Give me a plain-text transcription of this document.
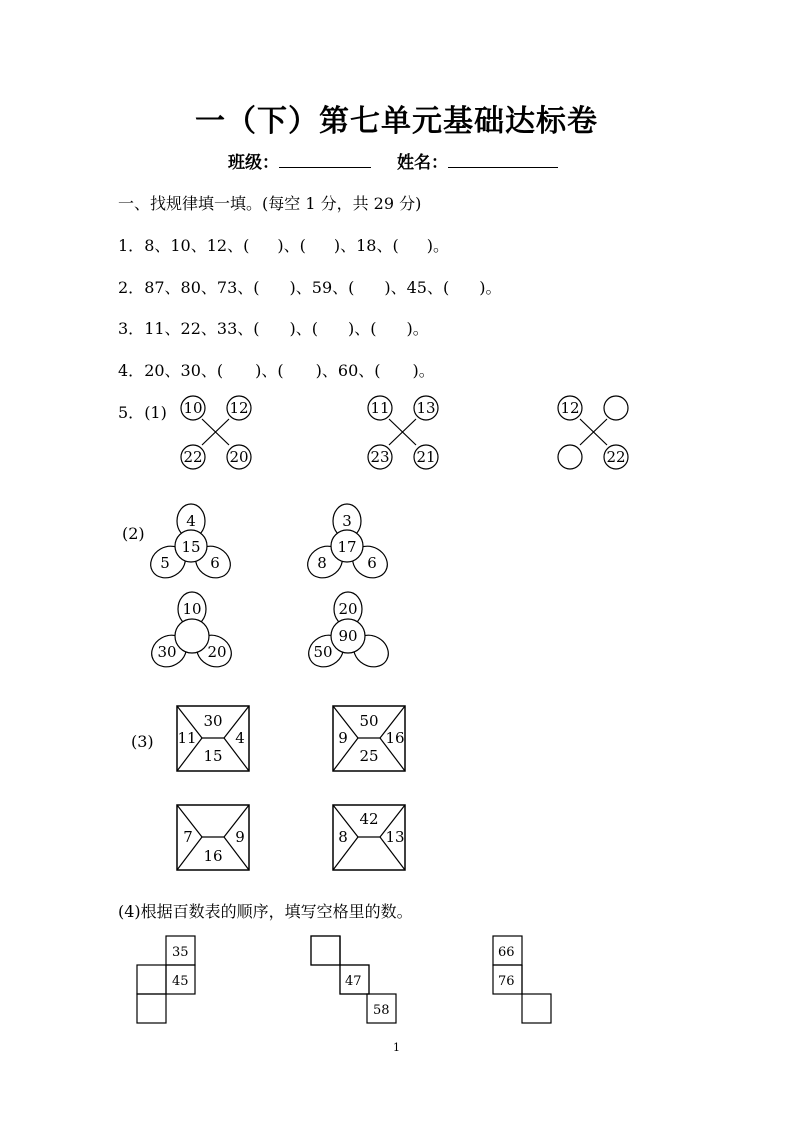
一（下）第七单元基础达标卷
班级：	姓名：
一、找规律填一填。(每空 1 分，共 29 分)
1．8、10、12、( )、( )、18、( )。
2．87、80、73、( )、59、( )、45、( )。
3．11、22、33、( )、( )、( )。
4．20、30、( )、( )、60、( )。
5．(1)
(2)
(3)
(4)根据百数表的顺序，填写空格里的数。
10 12
22 20
11 13
23 21
12
22
4
15
5	6
3
17
8	6
10
30 20
20
90
50
30
11	4
15
50
9	16
25
7	9
16
42
8	13
35
45	47
58
66
76
1
